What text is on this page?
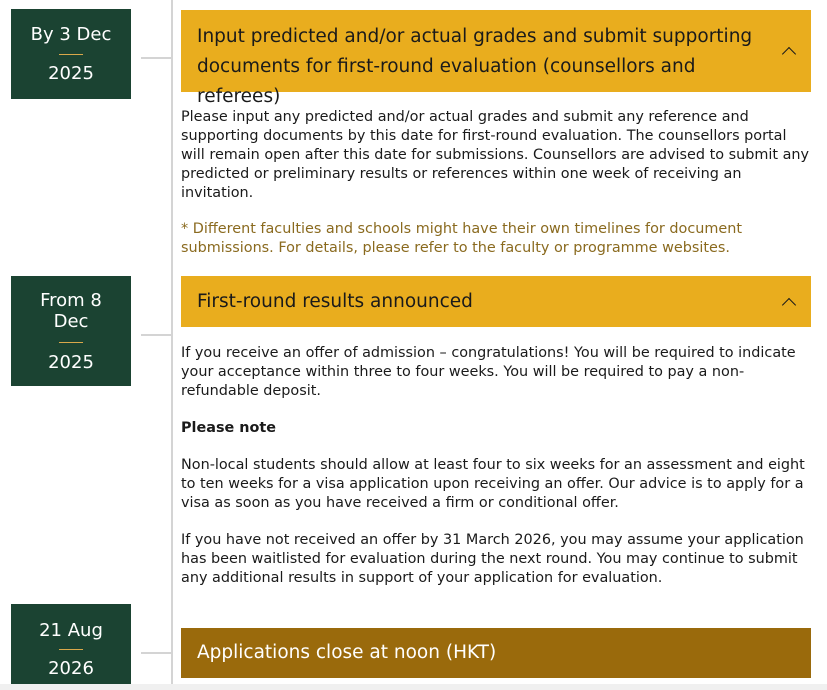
By 3 Dec
2025
Input predicted and/or actual grades and submit supporting documents for first-round evaluation (counsellors and referees)

Please input any predicted and/or actual grades and submit any reference and supporting documents by this date for first-round evaluation. The counsellors portal will remain open after this date for submissions. Counsellors are advised to submit any predicted or preliminary results or references within one week of receiving an invitation.

* Different faculties and schools might have their own timelines for document submissions. For details, please refer to the faculty or programme websites.

From 8 Dec
2025
First-round results announced

If you receive an offer of admission – congratulations! You will be required to indicate your acceptance within three to four weeks. You will be required to pay a non-refundable deposit.

Please note

Non-local students should allow at least four to six weeks for an assessment and eight to ten weeks for a visa application upon receiving an offer. Our advice is to apply for a visa as soon as you have received a firm or conditional offer.

If you have not received an offer by 31 March 2026, you may assume your application has been waitlisted for evaluation during the next round. You may continue to submit any additional results in support of your application for evaluation.

21 Aug
2026
Applications close at noon (HKT)
